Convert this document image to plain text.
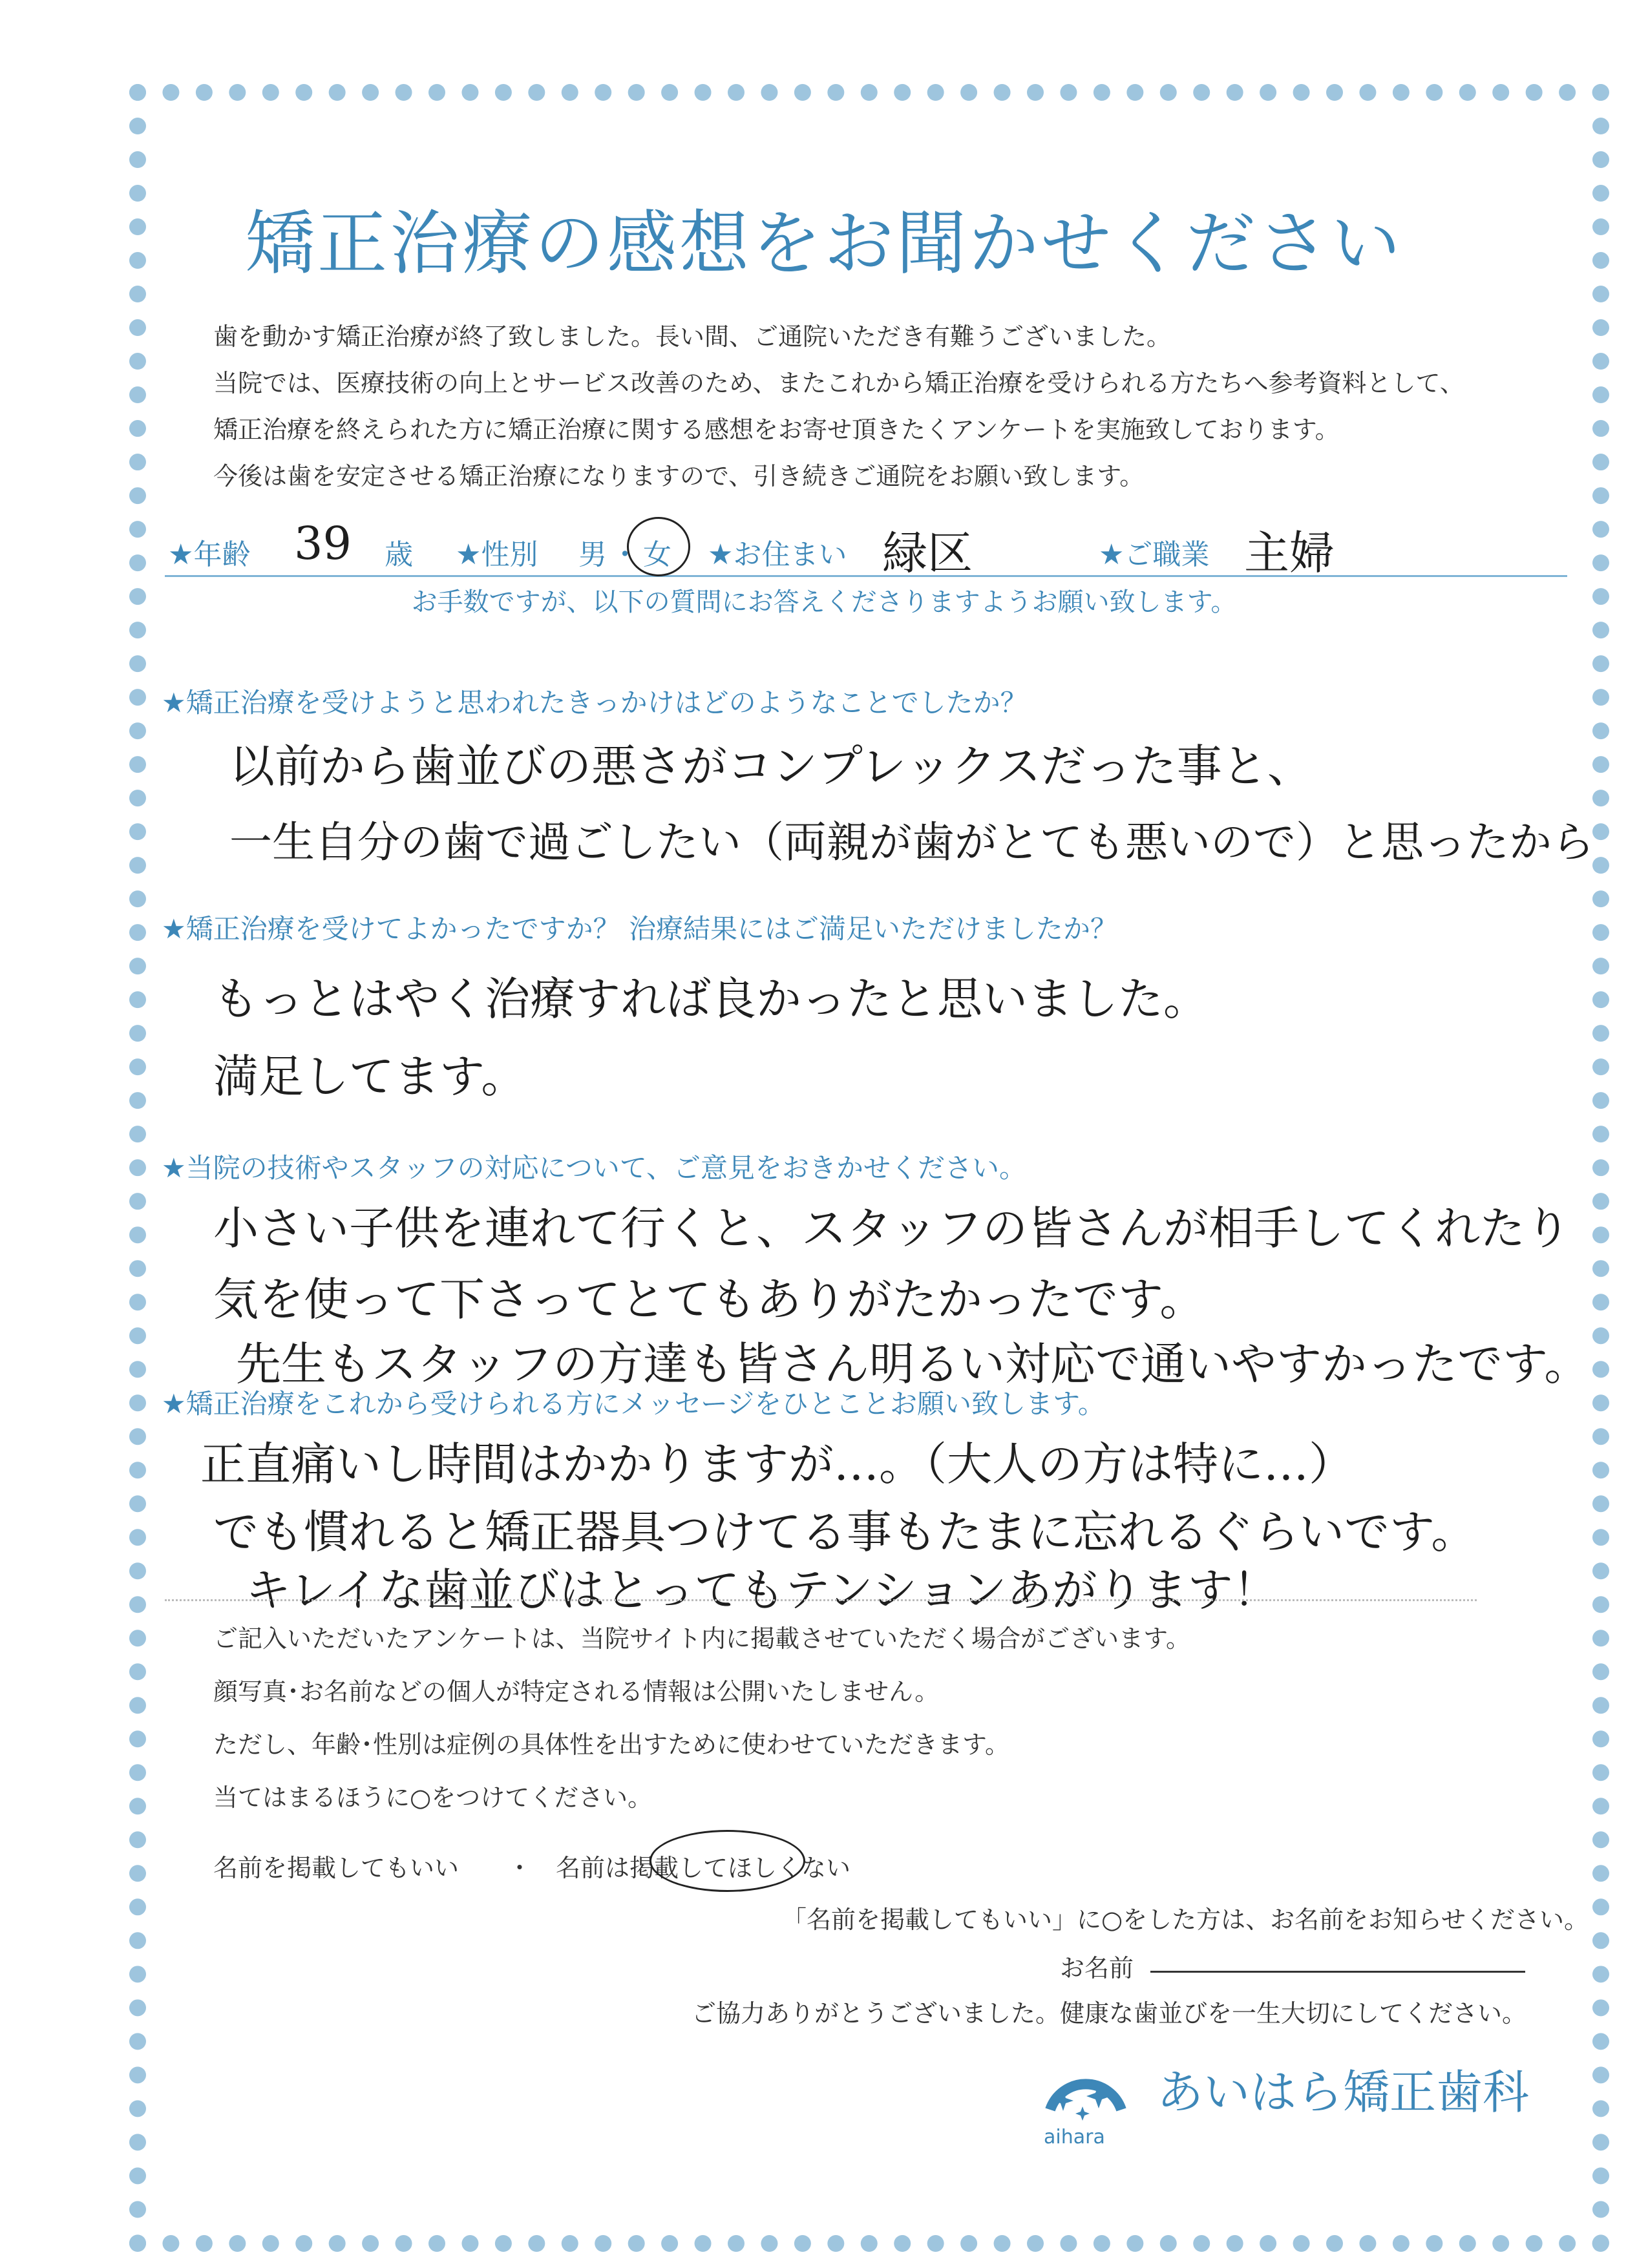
矯正治療の感想をお聞かせください

歯を動かす矯正治療が終了致しました。長い間、ご通院いただき有難うございました。

当院では、医療技術の向上とサービス改善のため、またこれから矯正治療を受けられる方たちへ参考資料として、

矯正治療を終えられた方に矯正治療に関する感想をお寄せ頂きたくアンケートを実施致しております。

今後は歯を安定させる矯正治療になりますので、引き続きご通院をお願い致します。

★年齢 39 歳 ★性別 男 ・ 女 ★お住まい 緑区	★ご職業 主婦
お手数ですが、以下の質問にお答えくださりますようお願い致します。
★矯正治療を受けようと思われたきっかけはどのようなことでしたか？
以前から歯並びの悪さがコンプレックスだった事と、
一生自分の歯で過ごしたい（両親が歯がとても悪いので）と思ったから
★矯正治療を受けてよかったですか？ 治療結果にはご満足いただけましたか？
もっとはやく治療すれば良かったと思いました。
満足してます。
★当院の技術やスタッフの対応について、ご意見をおきかせください。
小さい子供を連れて行くと、スタッフの皆さんが相手してくれたり
気を使って下さってとてもありがたかったです。
先生もスタッフの方達も皆さん明るい対応で通いやすかったです。
★矯正治療をこれから受けられる方にメッセージをひとことお願い致します。
正直痛いし時間はかかりますが…。（大人の方は特に…）
でも慣れると矯正器具つけてる事もたまに忘れるぐらいです。
キレイな歯並びはとってもテンションあがります！

ご記入いただいたアンケートは、当院サイト内に掲載させていただく場合がございます。

顔写真･お名前などの個人が特定される情報は公開いたしません。

ただし、年齢･性別は症例の具体性を出すために使わせていただきます。

当てはまるほうに○をつけてください。

名前を掲載してもいい ・ 名前は掲載してほしくない
「名前を掲載してもいい」に○をした方は、お名前をお知らせください。
お名前
ご協力ありがとうございました。健康な歯並びを一生大切にしてください。
あいはら矯正歯科
aihara
